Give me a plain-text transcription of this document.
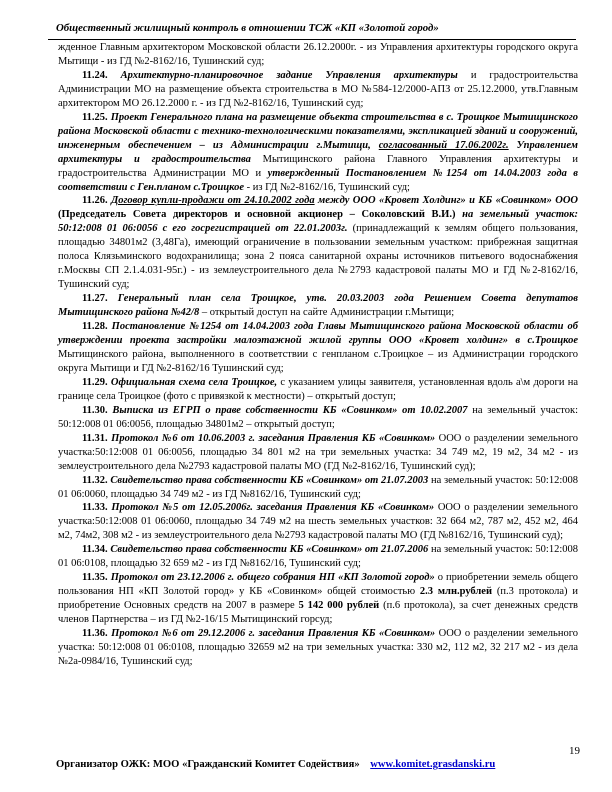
Общественный жилищный контроль в отношении ТСЖ «КП «Золотой город»

жденное Главным архитектором Московской области 26.12.2000г. - из Управления архитектуры городского округа Мытищи - из ГД №2-8162/16, Тушинский суд;

11.24. Архитектурно-планировочное задание Управления архитектуры и градостроительства Администрации МО на размещение объекта строительства в МО №584-12/2000-АПЗ от 25.12.2000, утв.Главным архитектором МО 26.12.2000 г. - из ГД №2-8162/16, Тушинский суд;

11.25. Проект Генерального плана на размещение объекта строительства в с. Троицкое Мытищинского района Московской области с технико-технологическими показателями, экспликацией зданий и сооружений, инженерным обеспечением – из Администрации г.Мытищи, согласованный 17.06.2002г. Управлением архитектуры и градостроительства Мытищинского района Главного Управления архитектуры и градостроительства Администрации МО и утвержденный Постановлением №1254 от 14.04.2003 года в соответствии с Ген.планом с.Троицкое - из ГД №2-8162/16, Тушинский суд;

11.26. Договор купли-продажи от 24.10.2002 года между ООО «Кровет Холдинг» и КБ «Совинком» ООО (Председатель Совета директоров и основной акционер – Соколовский В.И.) на земельный участок: 50:12:008 01 06:0056 с его госрегистрацией от 22.01.2003г. (принадлежащий к землям общего пользования, площадью 34801м2 (3,48Га), имеющий ограничение в пользовании земельным участком: прибрежная защитная полоса Клязьминского водохранилища; зона 2 пояса санитарной охраны источников питьевого водоснабжения г.Москвы СП 2.1.4.031-95г.) - из землеустроительного дела №2793 кадастровой палаты МО и ГД №2-8162/16, Тушинский суд;

11.27. Генеральный план села Троицкое, утв. 20.03.2003 года Решением Совета депутатов Мытищинского района №42/8 – открытый доступ на сайте Администрации г.Мытищи;

11.28. Постановление №1254 от 14.04.2003 года Главы Мытищинского района Московской области об утверждении проекта застройки малоэтажной жилой группы ООО «Кровет холдинг» в с.Троицкое Мытищинского района, выполненного в соответствии с генпланом с.Троицкое – из Администрации городского округа Мытищи и ГД №2-8162/16 Тушинский суд;

11.29. Официальная схема села Троицкое, с указанием улицы заявителя, установленная вдоль а\м дороги на границе села Троицкое (фото с привязкой к местности) – открытый доступ;

11.30. Выписка из ЕГРП о праве собственности КБ «Совинком» от 10.02.2007 на земельный участок: 50:12:008 01 06:0056, площадью 34801м2 – открытый доступ;

11.31. Протокол №6 от 10.06.2003 г. заседания Правления КБ «Совинком» ООО о разделении земельного участка:50:12:008 01 06:0056, площадью 34 801 м2 на три земельных участка: 34 749 м2, 19 м2, 34 м2 - из землеустроительного дела №2793 кадастровой палаты МО (ГД №2-8162/16, Тушинский суд);

11.32. Свидетельство права собственности КБ «Совинком» от 21.07.2003 на земельный участок: 50:12:008 01 06:0060, площадью 34 749 м2 - из ГД №8162/16, Тушинский суд;

11.33. Протокол №5 от 12.05.2006г. заседания Правления КБ «Совинком» ООО о разделении земельного участка:50:12:008 01 06:0060, площадью 34 749 м2 на шесть земельных участков: 32 664 м2, 787 м2, 452 м2, 464 м2, 74м2, 308 м2 - из землеустроительного дела №2793 кадастровой палаты МО (ГД №8162/16, Тушинский суд);

11.34. Свидетельство права собственности КБ «Совинком» от 21.07.2006 на земельный участок: 50:12:008 01 06:0108, площадью 32 659 м2 - из ГД №8162/16, Тушинский суд;

11.35. Протокол от 23.12.2006 г. общего собрания НП «КП Золотой город» о приобретении земель общего пользования НП «КП Золотой город» у КБ «Совинком» общей стоимостью 2.3 млн.рублей (п.3 протокола) и приобретение Основных средств на 2007 в размере 5 142 000 рублей (п.6 протокола), за счет денежных средств членов Партнерства – из ГД №2-16/15 Мытищинский горсуд;

11.36. Протокол №6 от 29.12.2006 г. заседания Правления КБ «Совинком» ООО о разделении земельного участка: 50:12:008 01 06:0108, площадью 32659 м2 на три земельных участка: 330 м2, 112 м2, 32 217 м2 - из дела №2а-0984/16, Тушинский суд;

19
Организатор ОЖК: МОО «Гражданский Комитет Содействия» www.komitet.grasdanski.ru
